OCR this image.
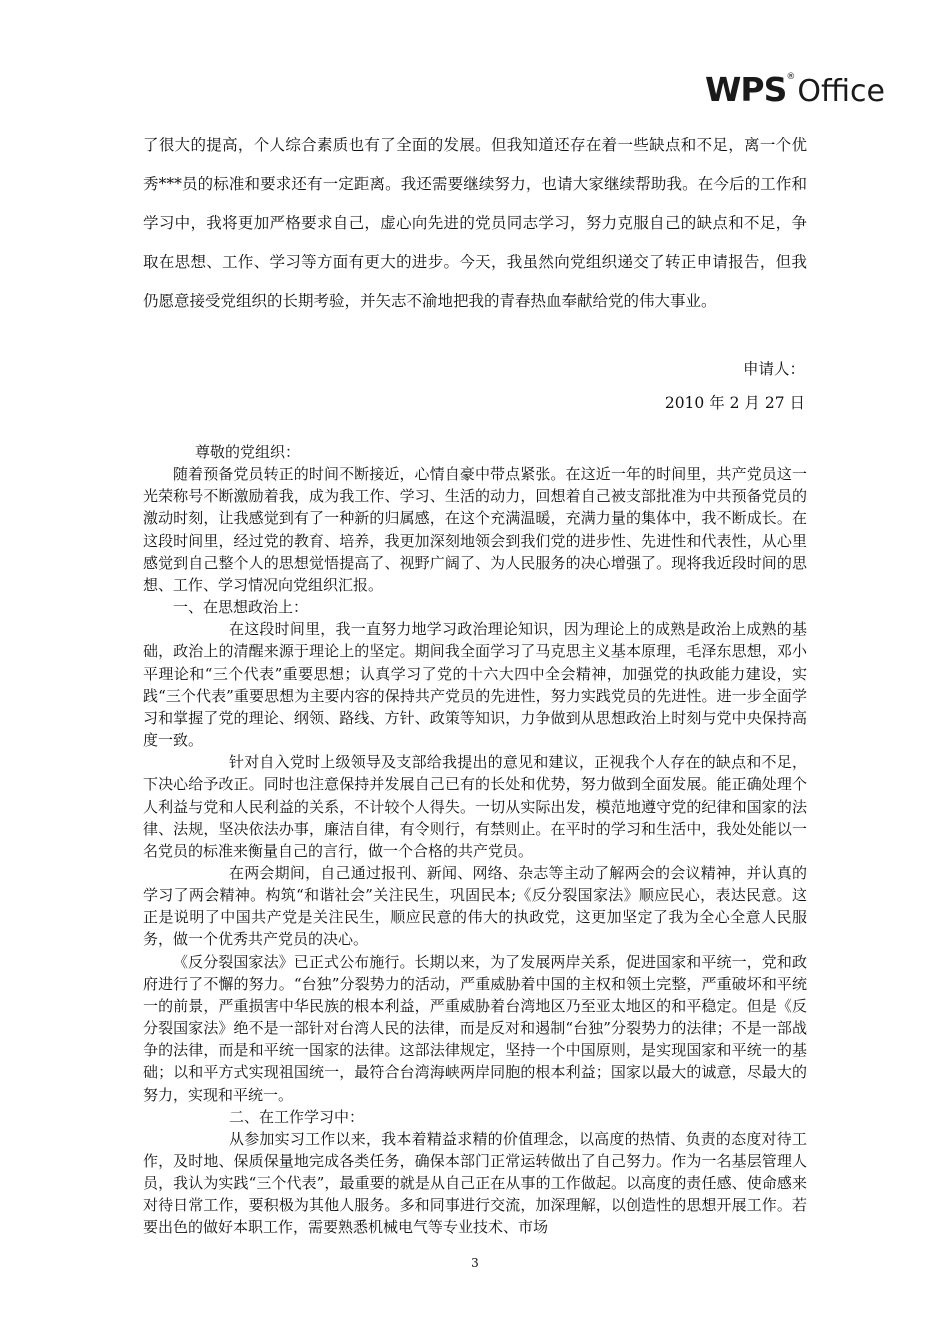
WPS®Office

了很大的提高，个人综合素质也有了全面的发展。但我知道还存在着一些缺点和不足，离一个优秀***员的标准和要求还有一定距离。我还需要继续努力，也请大家继续帮助我。在今后的工作和学习中，我将更加严格要求自己，虚心向先进的党员同志学习，努力克服自己的缺点和不足，争取在思想、工作、学习等方面有更大的进步。今天，我虽然向党组织递交了转正申请报告，但我仍愿意接受党组织的长期考验，并矢志不渝地把我的青春热血奉献给党的伟大事业。

申请人：
2010 年 2 月 27 日

尊敬的党组织：

随着预备党员转正的时间不断接近，心情自豪中带点紧张。在这近一年的时间里，共产党员这一光荣称号不断激励着我，成为我工作、学习、生活的动力，回想着自己被支部批准为中共预备党员的激动时刻，让我感觉到有了一种新的归属感，在这个充满温暖，充满力量的集体中，我不断成长。在这段时间里，经过党的教育、培养，我更加深刻地领会到我们党的进步性、先进性和代表性，从心里感觉到自己整个人的思想觉悟提高了、视野广阔了、为人民服务的决心增强了。现将我近段时间的思想、工作、学习情况向党组织汇报。

一、在思想政治上：

在这段时间里，我一直努力地学习政治理论知识，因为理论上的成熟是政治上成熟的基础，政治上的清醒来源于理论上的坚定。期间我全面学习了马克思主义基本原理，毛泽东思想，邓小平理论和“三个代表”重要思想；认真学习了党的十六大四中全会精神，加强党的执政能力建设，实践“三个代表”重要思想为主要内容的保持共产党员的先进性，努力实践党员的先进性。进一步全面学习和掌握了党的理论、纲领、路线、方针、政策等知识，力争做到从思想政治上时刻与党中央保持高度一致。

针对自入党时上级领导及支部给我提出的意见和建议，正视我个人存在的缺点和不足，下决心给予改正。同时也注意保持并发展自己已有的长处和优势，努力做到全面发展。能正确处理个人利益与党和人民利益的关系，不计较个人得失。一切从实际出发，模范地遵守党的纪律和国家的法律、法规，坚决依法办事，廉洁自律，有令则行，有禁则止。在平时的学习和生活中，我处处能以一名党员的标准来衡量自己的言行，做一个合格的共产党员。

在两会期间，自己通过报刊、新闻、网络、杂志等主动了解两会的会议精神，并认真的学习了两会精神。构筑“和谐社会”关注民生，巩固民本;《反分裂国家法》顺应民心，表达民意。这正是说明了中国共产党是关注民生，顺应民意的伟大的执政党，这更加坚定了我为全心全意人民服务，做一个优秀共产党员的决心。

《反分裂国家法》已正式公布施行。长期以来，为了发展两岸关系，促进国家和平统一，党和政府进行了不懈的努力。“台独”分裂势力的活动，严重威胁着中国的主权和领土完整，严重破坏和平统一的前景，严重损害中华民族的根本利益，严重威胁着台湾地区乃至亚太地区的和平稳定。但是《反分裂国家法》绝不是一部针对台湾人民的法律，而是反对和遏制“台独”分裂势力的法律；不是一部战争的法律，而是和平统一国家的法律。这部法律规定，坚持一个中国原则，是实现国家和平统一的基础；以和平方式实现祖国统一，最符合台湾海峡两岸同胞的根本利益；国家以最大的诚意，尽最大的努力，实现和平统一。

二、在工作学习中：

从参加实习工作以来，我本着精益求精的价值理念，以高度的热情、负责的态度对待工作，及时地、保质保量地完成各类任务，确保本部门正常运转做出了自己努力。作为一名基层管理人员，我认为实践“三个代表”，最重要的就是从自己正在从事的工作做起。以高度的责任感、使命感来对待日常工作，要积极为其他人服务。多和同事进行交流，加深理解，以创造性的思想开展工作。若要出色的做好本职工作，需要熟悉机械电气等专业技术、市场

3
